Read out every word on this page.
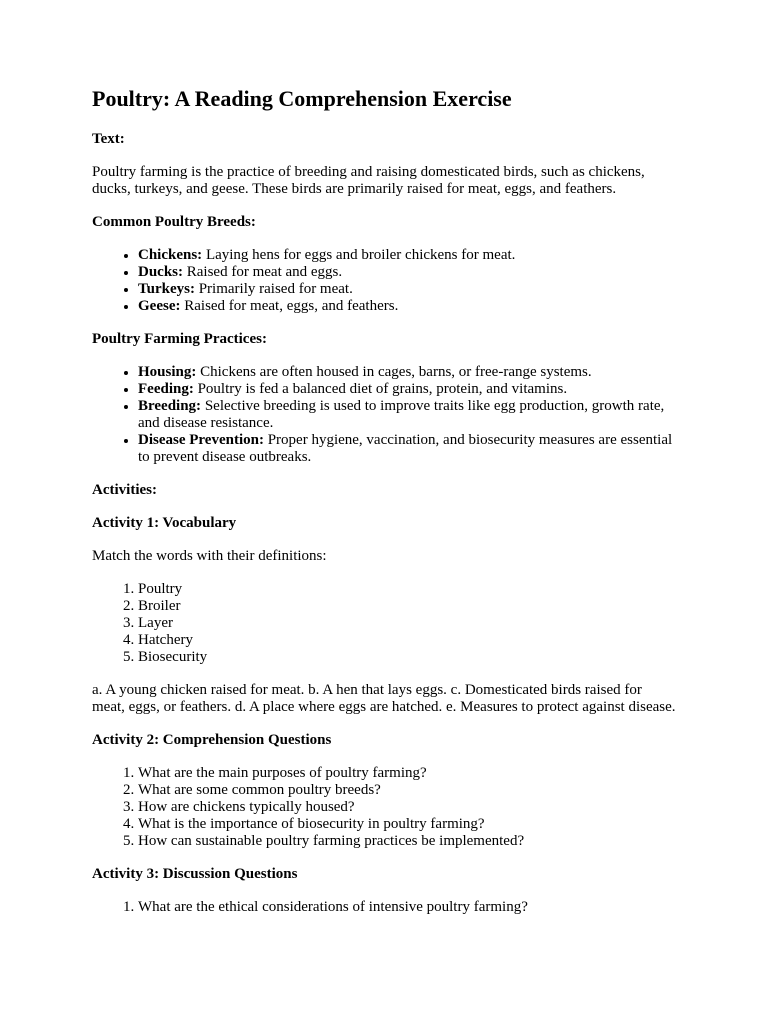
Poultry: A Reading Comprehension Exercise
Text:

Poultry farming is the practice of breeding and raising domesticated birds, such as chickens, ducks, turkeys, and geese. These birds are primarily raised for meat, eggs, and feathers.

Common Poultry Breeds:
• Chickens: Laying hens for eggs and broiler chickens for meat.
• Ducks: Raised for meat and eggs.
• Turkeys: Primarily raised for meat.
• Geese: Raised for meat, eggs, and feathers.
Poultry Farming Practices:
• Housing: Chickens are often housed in cages, barns, or free-range systems.
• Feeding: Poultry is fed a balanced diet of grains, protein, and vitamins.
• Breeding: Selective breeding is used to improve traits like egg production, growth rate, and disease resistance.
• Disease Prevention: Proper hygiene, vaccination, and biosecurity measures are essential to prevent disease outbreaks.
Activities:
Activity 1: Vocabulary

Match the words with their definitions:

1. Poultry
2. Broiler
3. Layer
4. Hatchery
5. Biosecurity

a. A young chicken raised for meat. b. A hen that lays eggs. c. Domesticated birds raised for meat, eggs, or feathers. d. A place where eggs are hatched. e. Measures to protect against disease.

Activity 2: Comprehension Questions
1. What are the main purposes of poultry farming?
2. What are some common poultry breeds?
3. How are chickens typically housed?
4. What is the importance of biosecurity in poultry farming?
5. How can sustainable poultry farming practices be implemented?
Activity 3: Discussion Questions
1. What are the ethical considerations of intensive poultry farming?
